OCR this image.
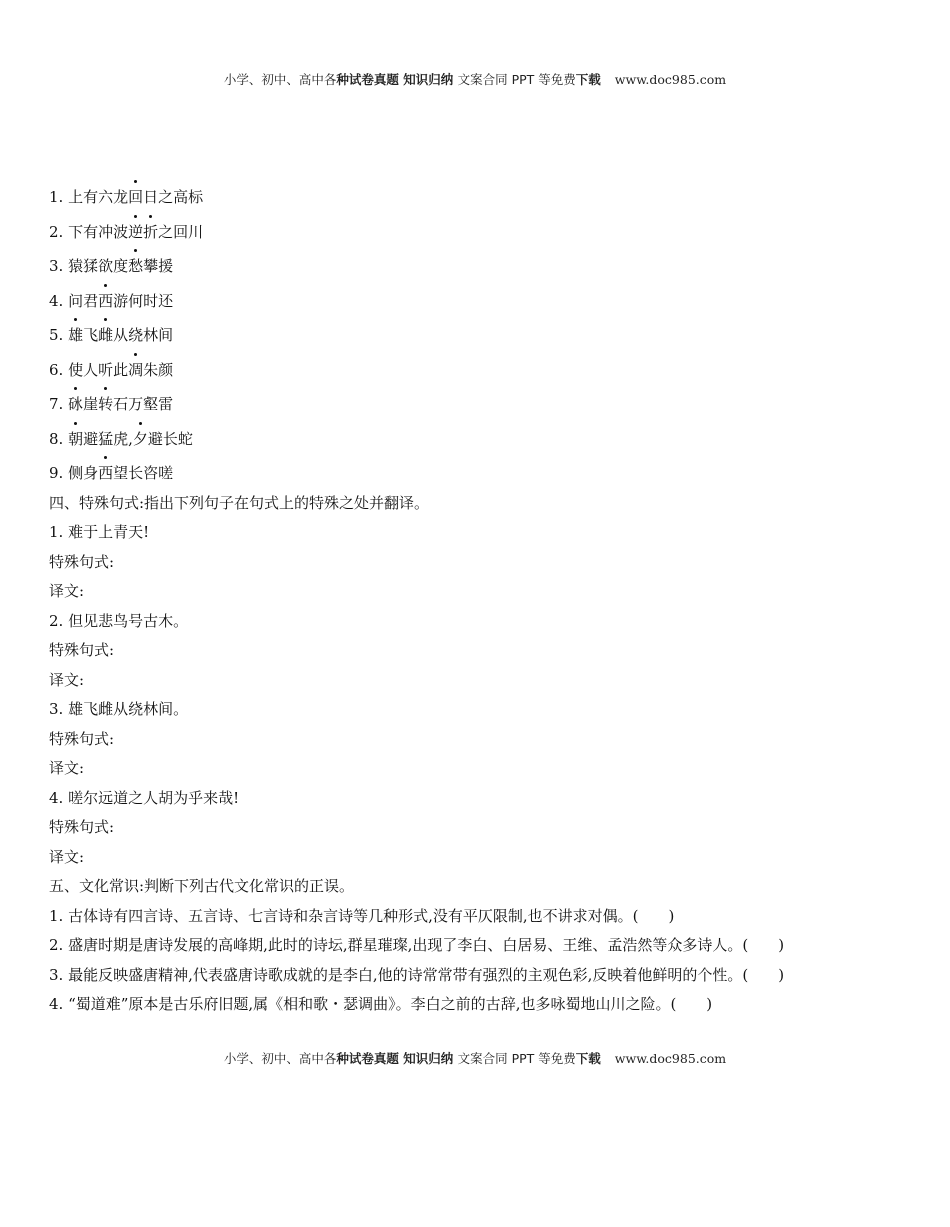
小学、初中、高中各种试卷真题 知识归纳 文案合同 PPT 等免费下载 www.doc985.com
1. 上有六龙回日之高标
2. 下有冲波逆折之回川
3. 猿猱欲度愁攀援
4. 问君西游何时还
5. 雄飞雌从绕林间
6. 使人听此凋朱颜
7. 砯崖转石万壑雷
8. 朝避猛虎,夕避长蛇
9. 侧身西望长咨嗟
四、特殊句式:指出下列句子在句式上的特殊之处并翻译。
1. 难于上青天!
特殊句式:
译文:
2. 但见悲鸟号古木。
特殊句式:
译文:
3. 雄飞雌从绕林间。
特殊句式:
译文:
4. 嗟尔远道之人胡为乎来哉!
特殊句式:
译文:
五、文化常识:判断下列古代文化常识的正误。
1. 古体诗有四言诗、五言诗、七言诗和杂言诗等几种形式,没有平仄限制,也不讲求对偶。(　　)
2. 盛唐时期是唐诗发展的高峰期,此时的诗坛,群星璀璨,出现了李白、白居易、王维、孟浩然等众多诗人。(　　)
3. 最能反映盛唐精神,代表盛唐诗歌成就的是李白,他的诗常常带有强烈的主观色彩,反映着他鲜明的个性。(　　)
4. “蜀道难”原本是古乐府旧题,属《相和歌・瑟调曲》。李白之前的古辞,也多咏蜀地山川之险。(　　)
小学、初中、高中各种试卷真题 知识归纳 文案合同 PPT 等免费下载 www.doc985.com
